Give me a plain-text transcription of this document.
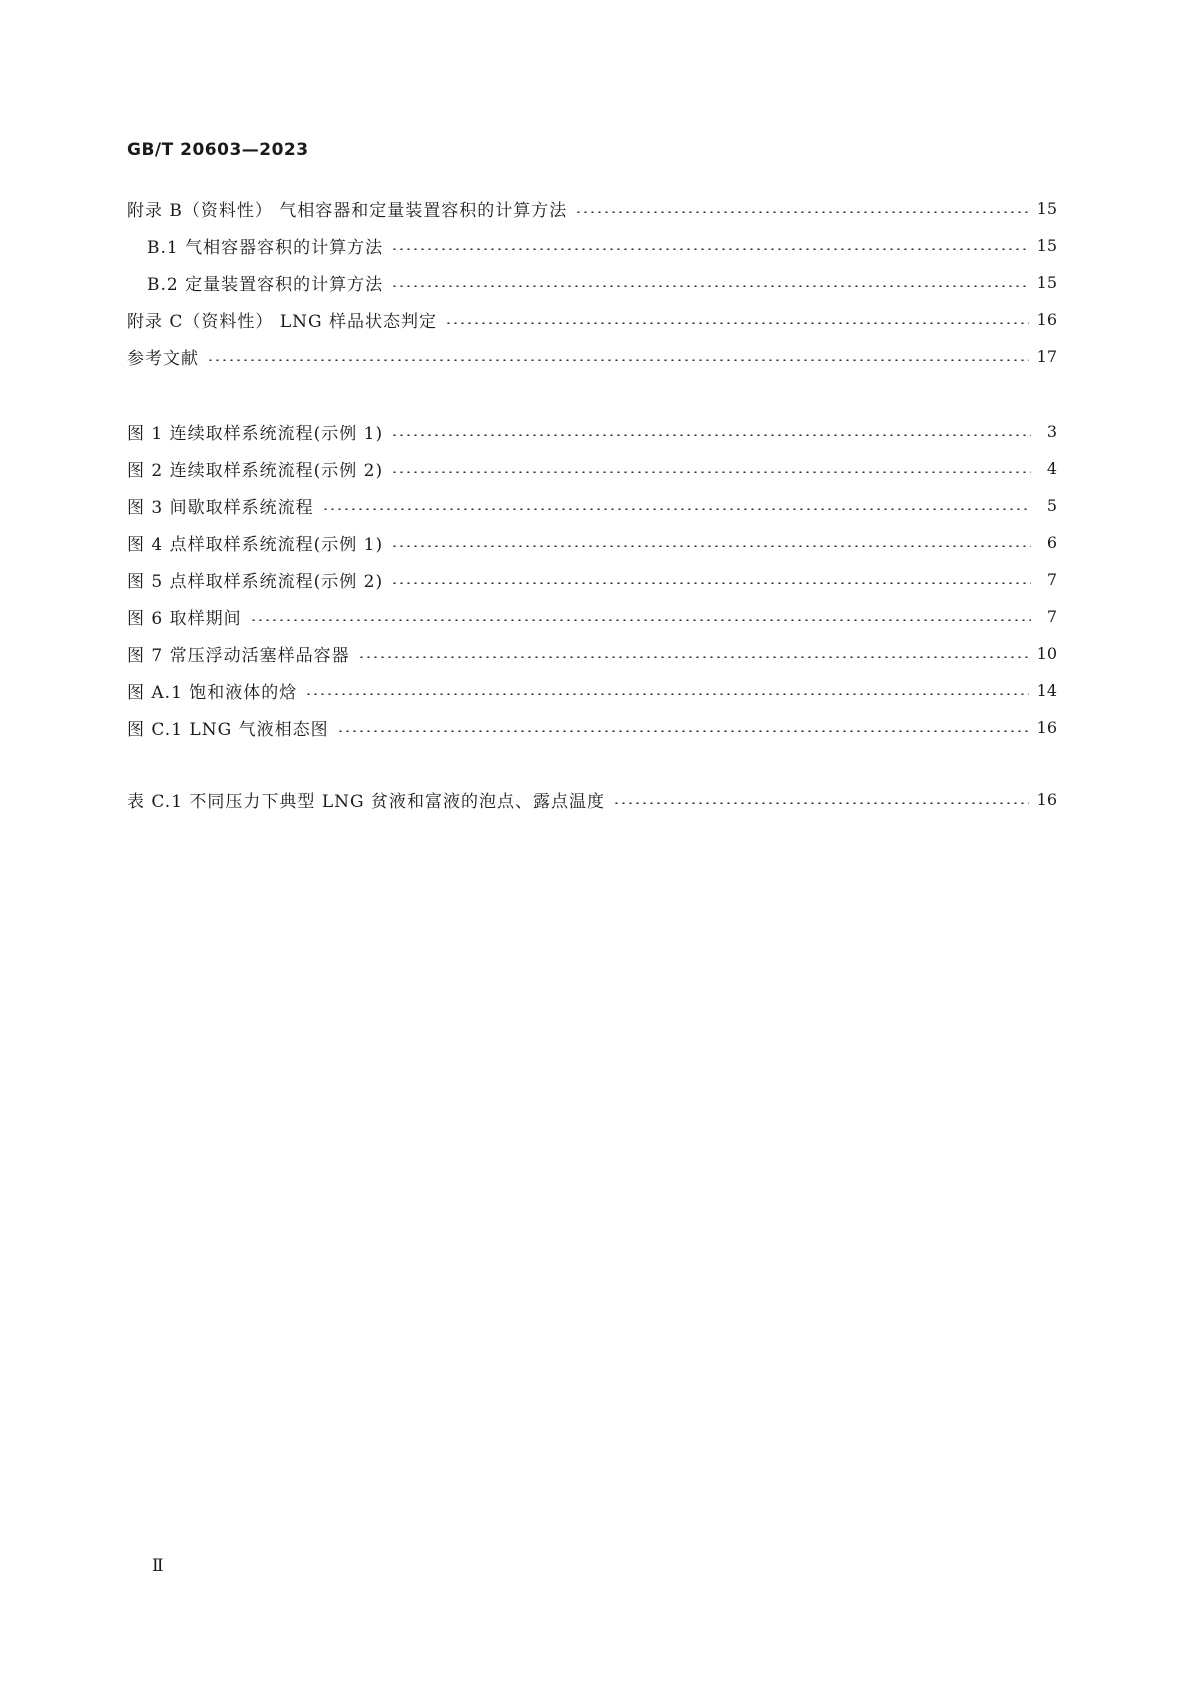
GB/T 20603—2023
附录 B（资料性） 气相容器和定量装置容积的计算方法	15
B.1 气相容器容积的计算方法	15
B.2 定量装置容积的计算方法	15
附录 C（资料性） LNG 样品状态判定	16
参考文献	17
图 1 连续取样系统流程(示例 1)	3
图 2 连续取样系统流程(示例 2)	4
图 3 间歇取样系统流程	5
图 4 点样取样系统流程(示例 1)	6
图 5 点样取样系统流程(示例 2)	7
图 6 取样期间	7
图 7 常压浮动活塞样品容器	10
图 A.1 饱和液体的焓	14
图 C.1 LNG 气液相态图	16
表 C.1 不同压力下典型 LNG 贫液和富液的泡点、露点温度	16
Ⅱ
